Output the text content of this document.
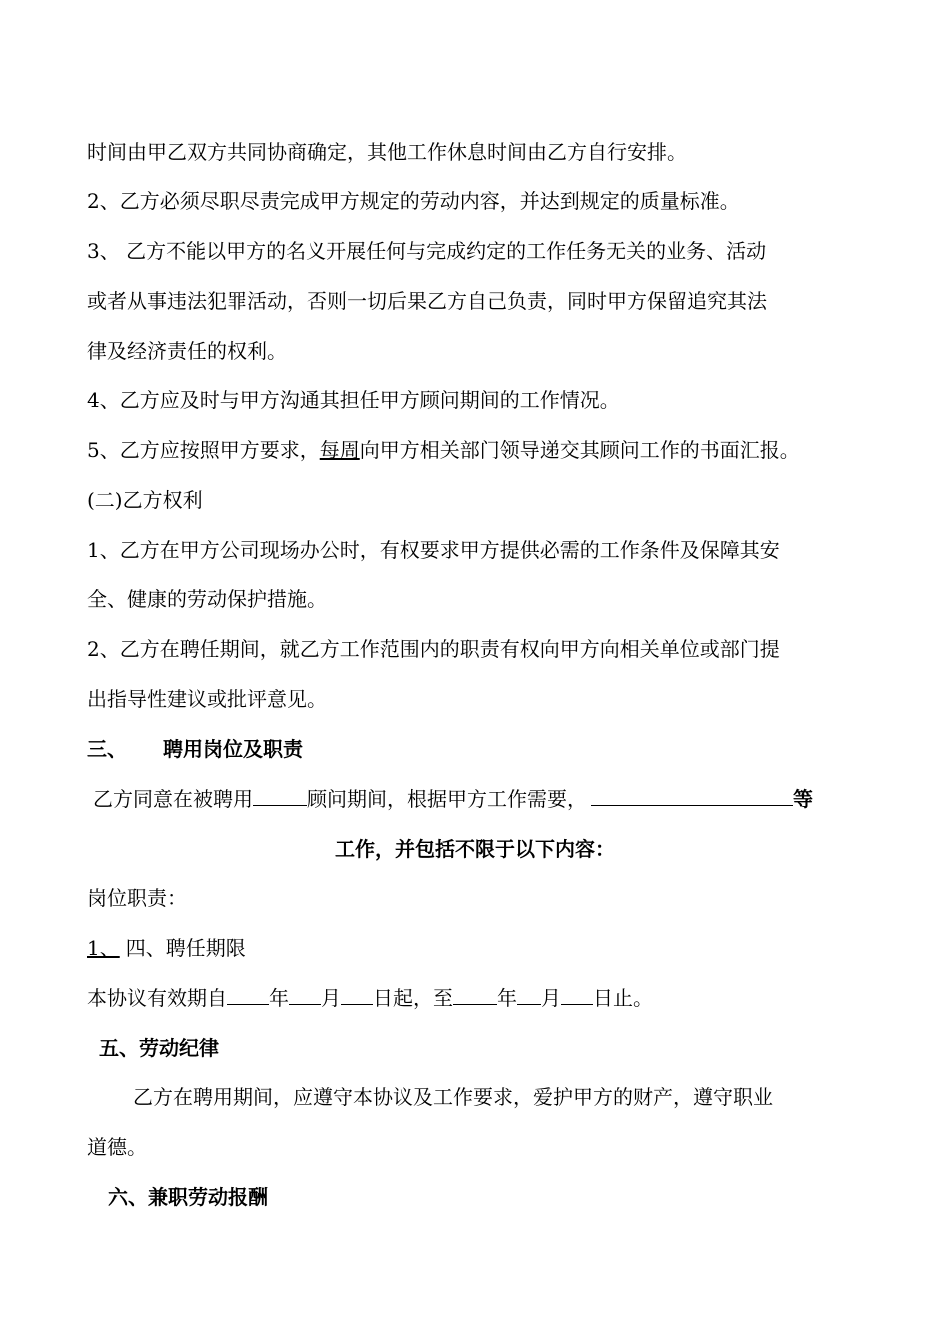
时间由甲乙双方共同协商确定，其他工作休息时间由乙方自行安排。
2、乙方必须尽职尽责完成甲方规定的劳动内容，并达到规定的质量标准。
3、 乙方不能以甲方的名义开展任何与完成约定的工作任务无关的业务、活动
或者从事违法犯罪活动，否则一切后果乙方自己负责，同时甲方保留追究其法
律及经济责任的权利。
4、乙方应及时与甲方沟通其担任甲方顾问期间的工作情况。
5、乙方应按照甲方要求，每周向甲方相关部门领导递交其顾问工作的书面汇报。
(二)乙方权利
1、乙方在甲方公司现场办公时，有权要求甲方提供必需的工作条件及保障其安
全、健康的劳动保护措施。
2、乙方在聘任期间，就乙方工作范围内的职责有权向甲方向相关单位或部门提
出指导性建议或批评意见。
三、 聘用岗位及职责
乙方同意在被聘用	顾问期间，根据甲方工作需要，	等
工作，并包括不限于以下内容：
岗位职责：
1、 四、聘任期限
本协议有效期自 年 月 日起，至 年 月 日止。
五、劳动纪律
乙方在聘用期间，应遵守本协议及工作要求，爱护甲方的财产，遵守职业
道德。
六、兼职劳动报酬
